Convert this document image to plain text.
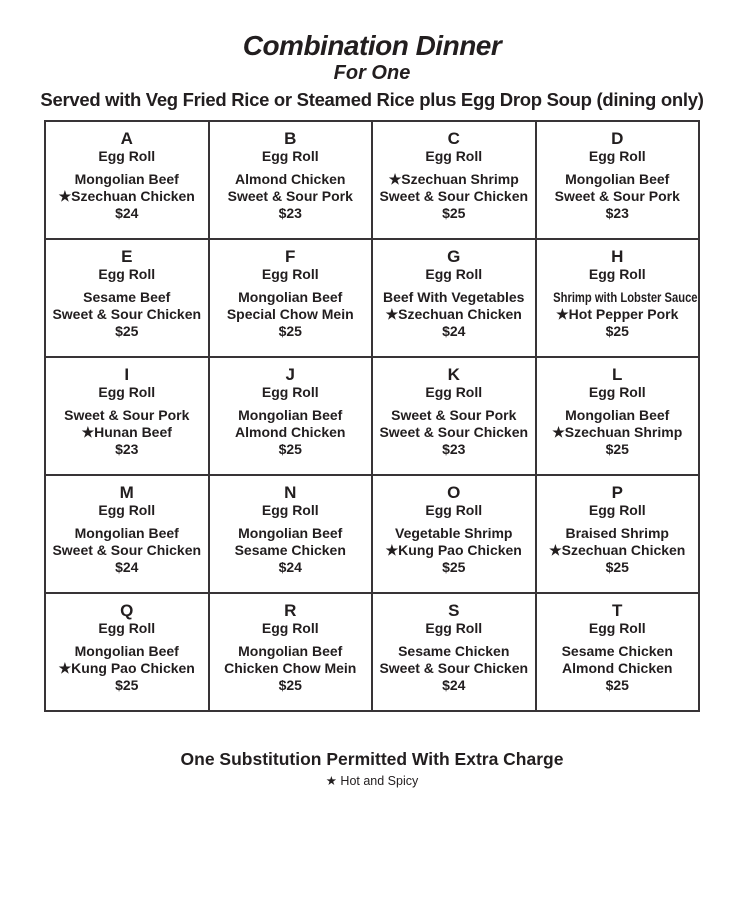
Combination Dinner
For One
Served with Veg Fried Rice or Steamed Rice plus Egg Drop Soup (dining only)
A
Egg Roll
Mongolian Beef
★Szechuan Chicken
$24
B
Egg Roll
Almond Chicken
Sweet & Sour Pork
$23
C
Egg Roll
★Szechuan Shrimp
Sweet & Sour Chicken
$25
D
Egg Roll
Mongolian Beef
Sweet & Sour Pork
$23
E
Egg Roll
Sesame Beef
Sweet & Sour Chicken
$25
F
Egg Roll
Mongolian Beef
Special Chow Mein
$25
G
Egg Roll
Beef With Vegetables
★Szechuan Chicken
$24
H
Egg Roll
Shrimp with Lobster Sauce
★Hot Pepper Pork
$25
I
Egg Roll
Sweet & Sour Pork
★Hunan Beef
$23
J
Egg Roll
Mongolian Beef
Almond Chicken
$25
K
Egg Roll
Sweet & Sour Pork
Sweet & Sour Chicken
$23
L
Egg Roll
Mongolian Beef
★Szechuan Shrimp
$25
M
Egg Roll
Mongolian Beef
Sweet & Sour Chicken
$24
N
Egg Roll
Mongolian Beef
Sesame Chicken
$24
O
Egg Roll
Vegetable Shrimp
★Kung Pao Chicken
$25
P
Egg Roll
Braised Shrimp
★Szechuan Chicken
$25
Q
Egg Roll
Mongolian Beef
★Kung Pao Chicken
$25
R
Egg Roll
Mongolian Beef
Chicken Chow Mein
$25
S
Egg Roll
Sesame Chicken
Sweet & Sour Chicken
$24
T
Egg Roll
Sesame Chicken
Almond Chicken
$25
One Substitution Permitted With Extra Charge
★ Hot and Spicy
